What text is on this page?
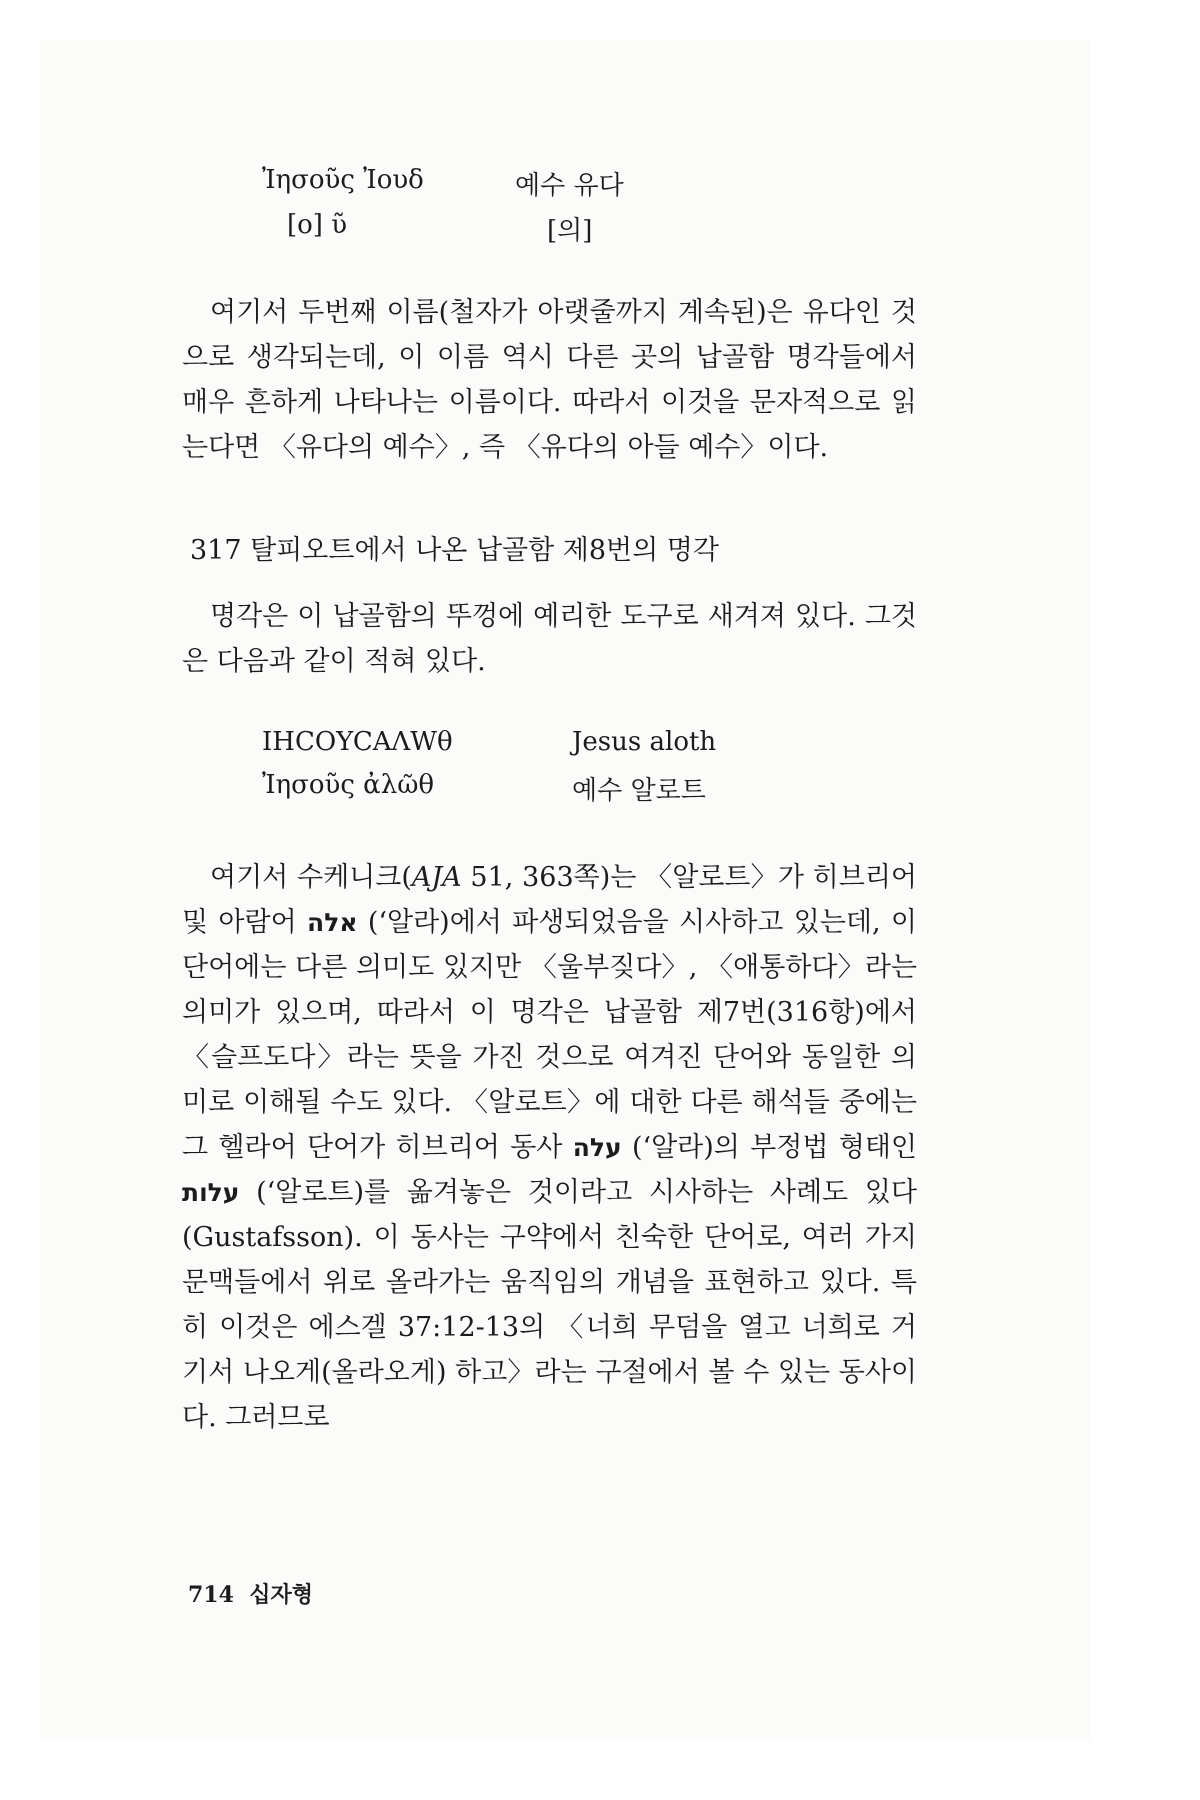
Ἰησοῦς Ἰουδ	예수 유다
[ο] ῦ	[의]
여기서 두번째 이름(철자가 아랫줄까지 계속된)은 유다인 것으로 생각되는데, 이 이름 역시 다른 곳의 납골함 명각들에서 매우 흔하게 나타나는 이름이다. 따라서 이것을 문자적으로 읽는다면 〈유다의 예수〉, 즉 〈유다의 아들 예수〉이다.
317 탈피오트에서 나온 납골함 제8번의 명각
명각은 이 납골함의 뚜껑에 예리한 도구로 새겨져 있다. 그것은 다음과 같이 적혀 있다.
IHCOYCAΛWθ	Jesus aloth
Ἰησοῦς ἀλῶθ	예수 알로트
여기서 수케니크(AJA 51, 363쪽)는 〈알로트〉가 히브리어 및 아람어 אלה (‘알라)에서 파생되었음을 시사하고 있는데, 이 단어에는 다른 의미도 있지만 〈울부짖다〉, 〈애통하다〉라는 의미가 있으며, 따라서 이 명각은 납골함 제7번(316항)에서 〈슬프도다〉라는 뜻을 가진 것으로 여겨진 단어와 동일한 의미로 이해될 수도 있다. 〈알로트〉에 대한 다른 해석들 중에는 그 헬라어 단어가 히브리어 동사 עלה (‘알라)의 부정법 형태인 עלות (‘알로트)를 옮겨놓은 것이라고 시사하는 사례도 있다(Gustafsson). 이 동사는 구약에서 친숙한 단어로, 여러 가지 문맥들에서 위로 올라가는 움직임의 개념을 표현하고 있다. 특히 이것은 에스겔 37:12-13의 〈너희 무덤을 열고 너희로 거기서 나오게(올라오게) 하고〉라는 구절에서 볼 수 있는 동사이다. 그러므로
714 십자형
